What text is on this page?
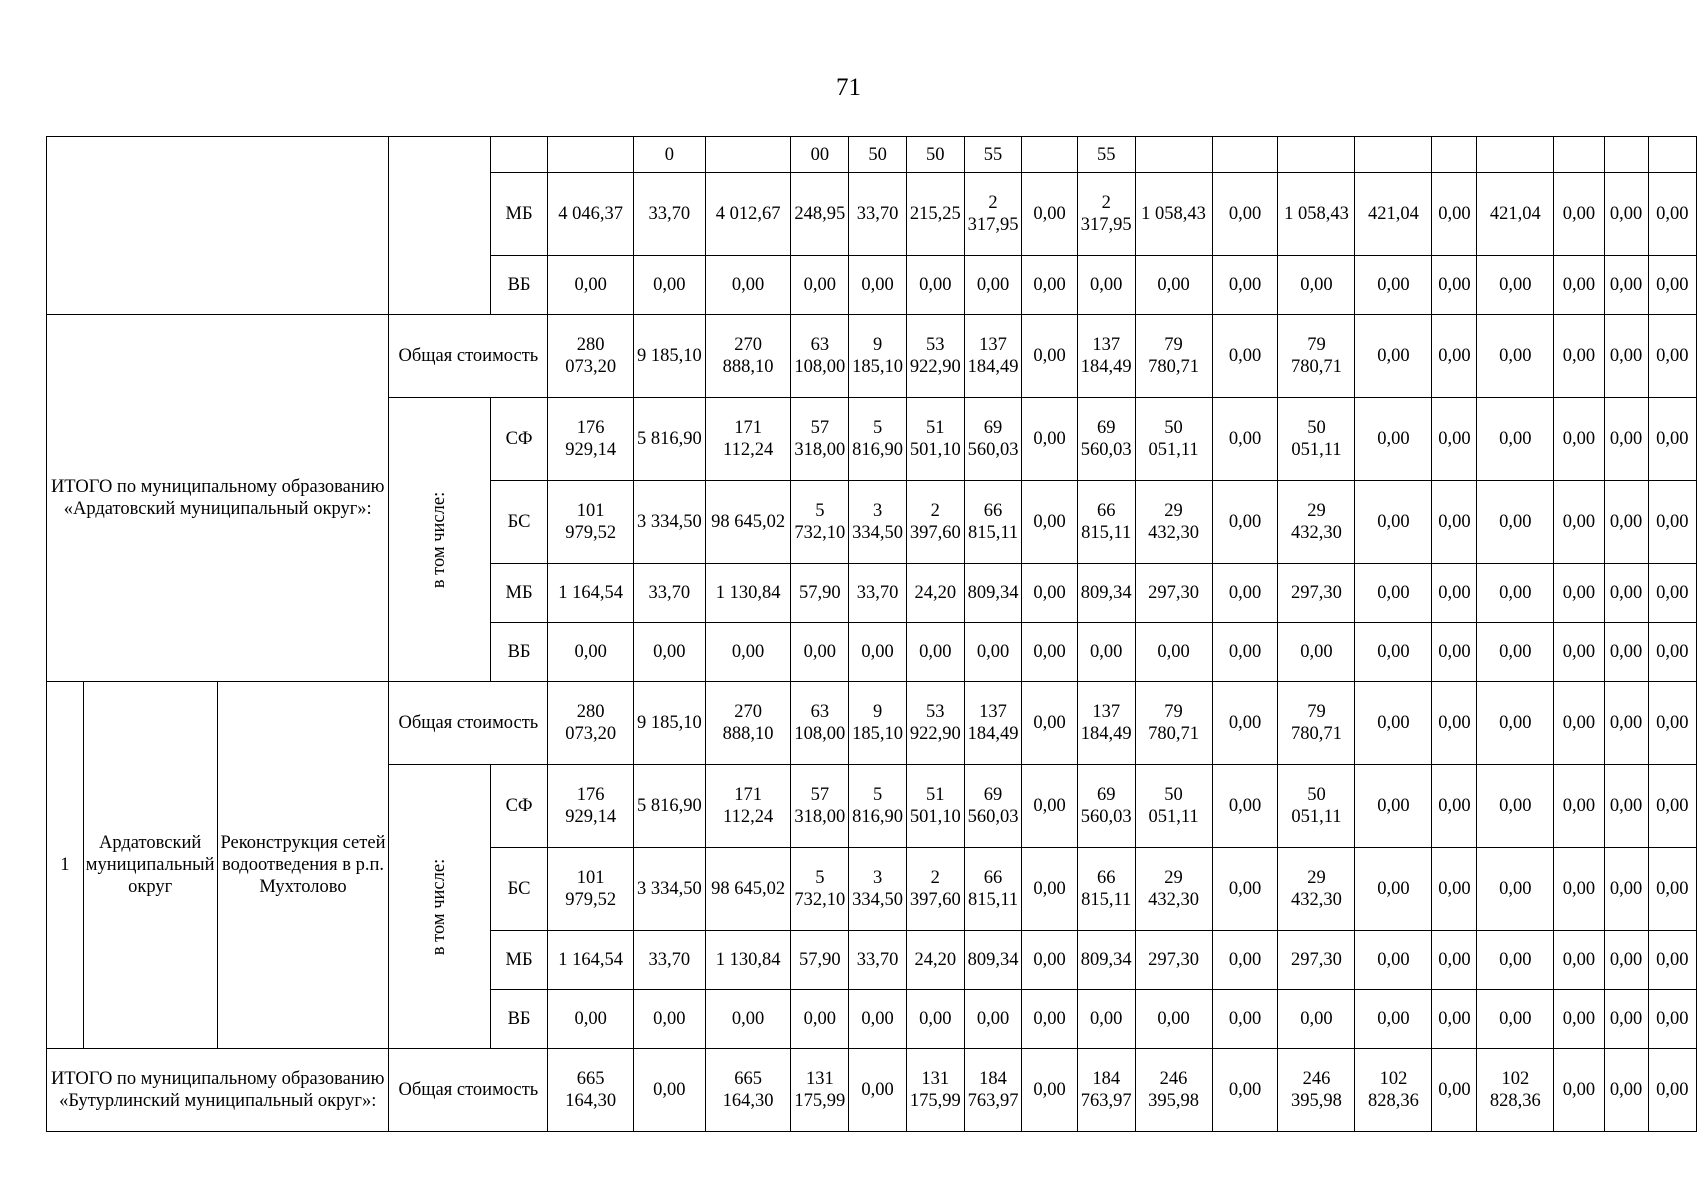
71
						0		00	50	50	55		55									
				МБ	4 046,37	33,70	4 012,67	248,95	33,70	215,25	2 317,95	0,00	2 317,95	1 058,43	0,00	1 058,43	421,04	0,00	421,04	0,00	0,00	0,00
				ВБ	0,00	0,00	0,00	0,00	0,00	0,00	0,00	0,00	0,00	0,00	0,00	0,00	0,00	0,00	0,00	0,00	0,00	0,00
ИТОГО по муниципальному образованию «Ардатовский муниципальный округ»:			Общая стоимость		280 073,20	9 185,10	270 888,10	63 108,00	9 185,10	53 922,90	137 184,49	0,00	137 184,49	79 780,71	0,00	79 780,71	0,00	0,00	0,00	0,00	0,00	0,00
			в том числе:	СФ	176 929,14	5 816,90	171 112,24	57 318,00	5 816,90	51 501,10	69 560,03	0,00	69 560,03	50 051,11	0,00	50 051,11	0,00	0,00	0,00	0,00	0,00	0,00
				БС	101 979,52	3 334,50	98 645,02	5 732,10	3 334,50	2 397,60	66 815,11	0,00	66 815,11	29 432,30	0,00	29 432,30	0,00	0,00	0,00	0,00	0,00	0,00
				МБ	1 164,54	33,70	1 130,84	57,90	33,70	24,20	809,34	0,00	809,34	297,30	0,00	297,30	0,00	0,00	0,00	0,00	0,00	0,00
				ВБ	0,00	0,00	0,00	0,00	0,00	0,00	0,00	0,00	0,00	0,00	0,00	0,00	0,00	0,00	0,00	0,00	0,00	0,00
1	Ардатовский муниципальный округ	Реконструкция сетей водоотведения в р.п. Мухтолово	Общая стоимость		280 073,20	9 185,10	270 888,10	63 108,00	9 185,10	53 922,90	137 184,49	0,00	137 184,49	79 780,71	0,00	79 780,71	0,00	0,00	0,00	0,00	0,00	0,00
			в том числе:	СФ	176 929,14	5 816,90	171 112,24	57 318,00	5 816,90	51 501,10	69 560,03	0,00	69 560,03	50 051,11	0,00	50 051,11	0,00	0,00	0,00	0,00	0,00	0,00
				БС	101 979,52	3 334,50	98 645,02	5 732,10	3 334,50	2 397,60	66 815,11	0,00	66 815,11	29 432,30	0,00	29 432,30	0,00	0,00	0,00	0,00	0,00	0,00
				МБ	1 164,54	33,70	1 130,84	57,90	33,70	24,20	809,34	0,00	809,34	297,30	0,00	297,30	0,00	0,00	0,00	0,00	0,00	0,00
				ВБ	0,00	0,00	0,00	0,00	0,00	0,00	0,00	0,00	0,00	0,00	0,00	0,00	0,00	0,00	0,00	0,00	0,00	0,00
ИТОГО по муниципальному образованию «Бутурлинский муниципальный округ»:			Общая стоимость		665 164,30	0,00	665 164,30	131 175,99	0,00	131 175,99	184 763,97	0,00	184 763,97	246 395,98	0,00	246 395,98	102 828,36	0,00	102 828,36	0,00	0,00	0,00
